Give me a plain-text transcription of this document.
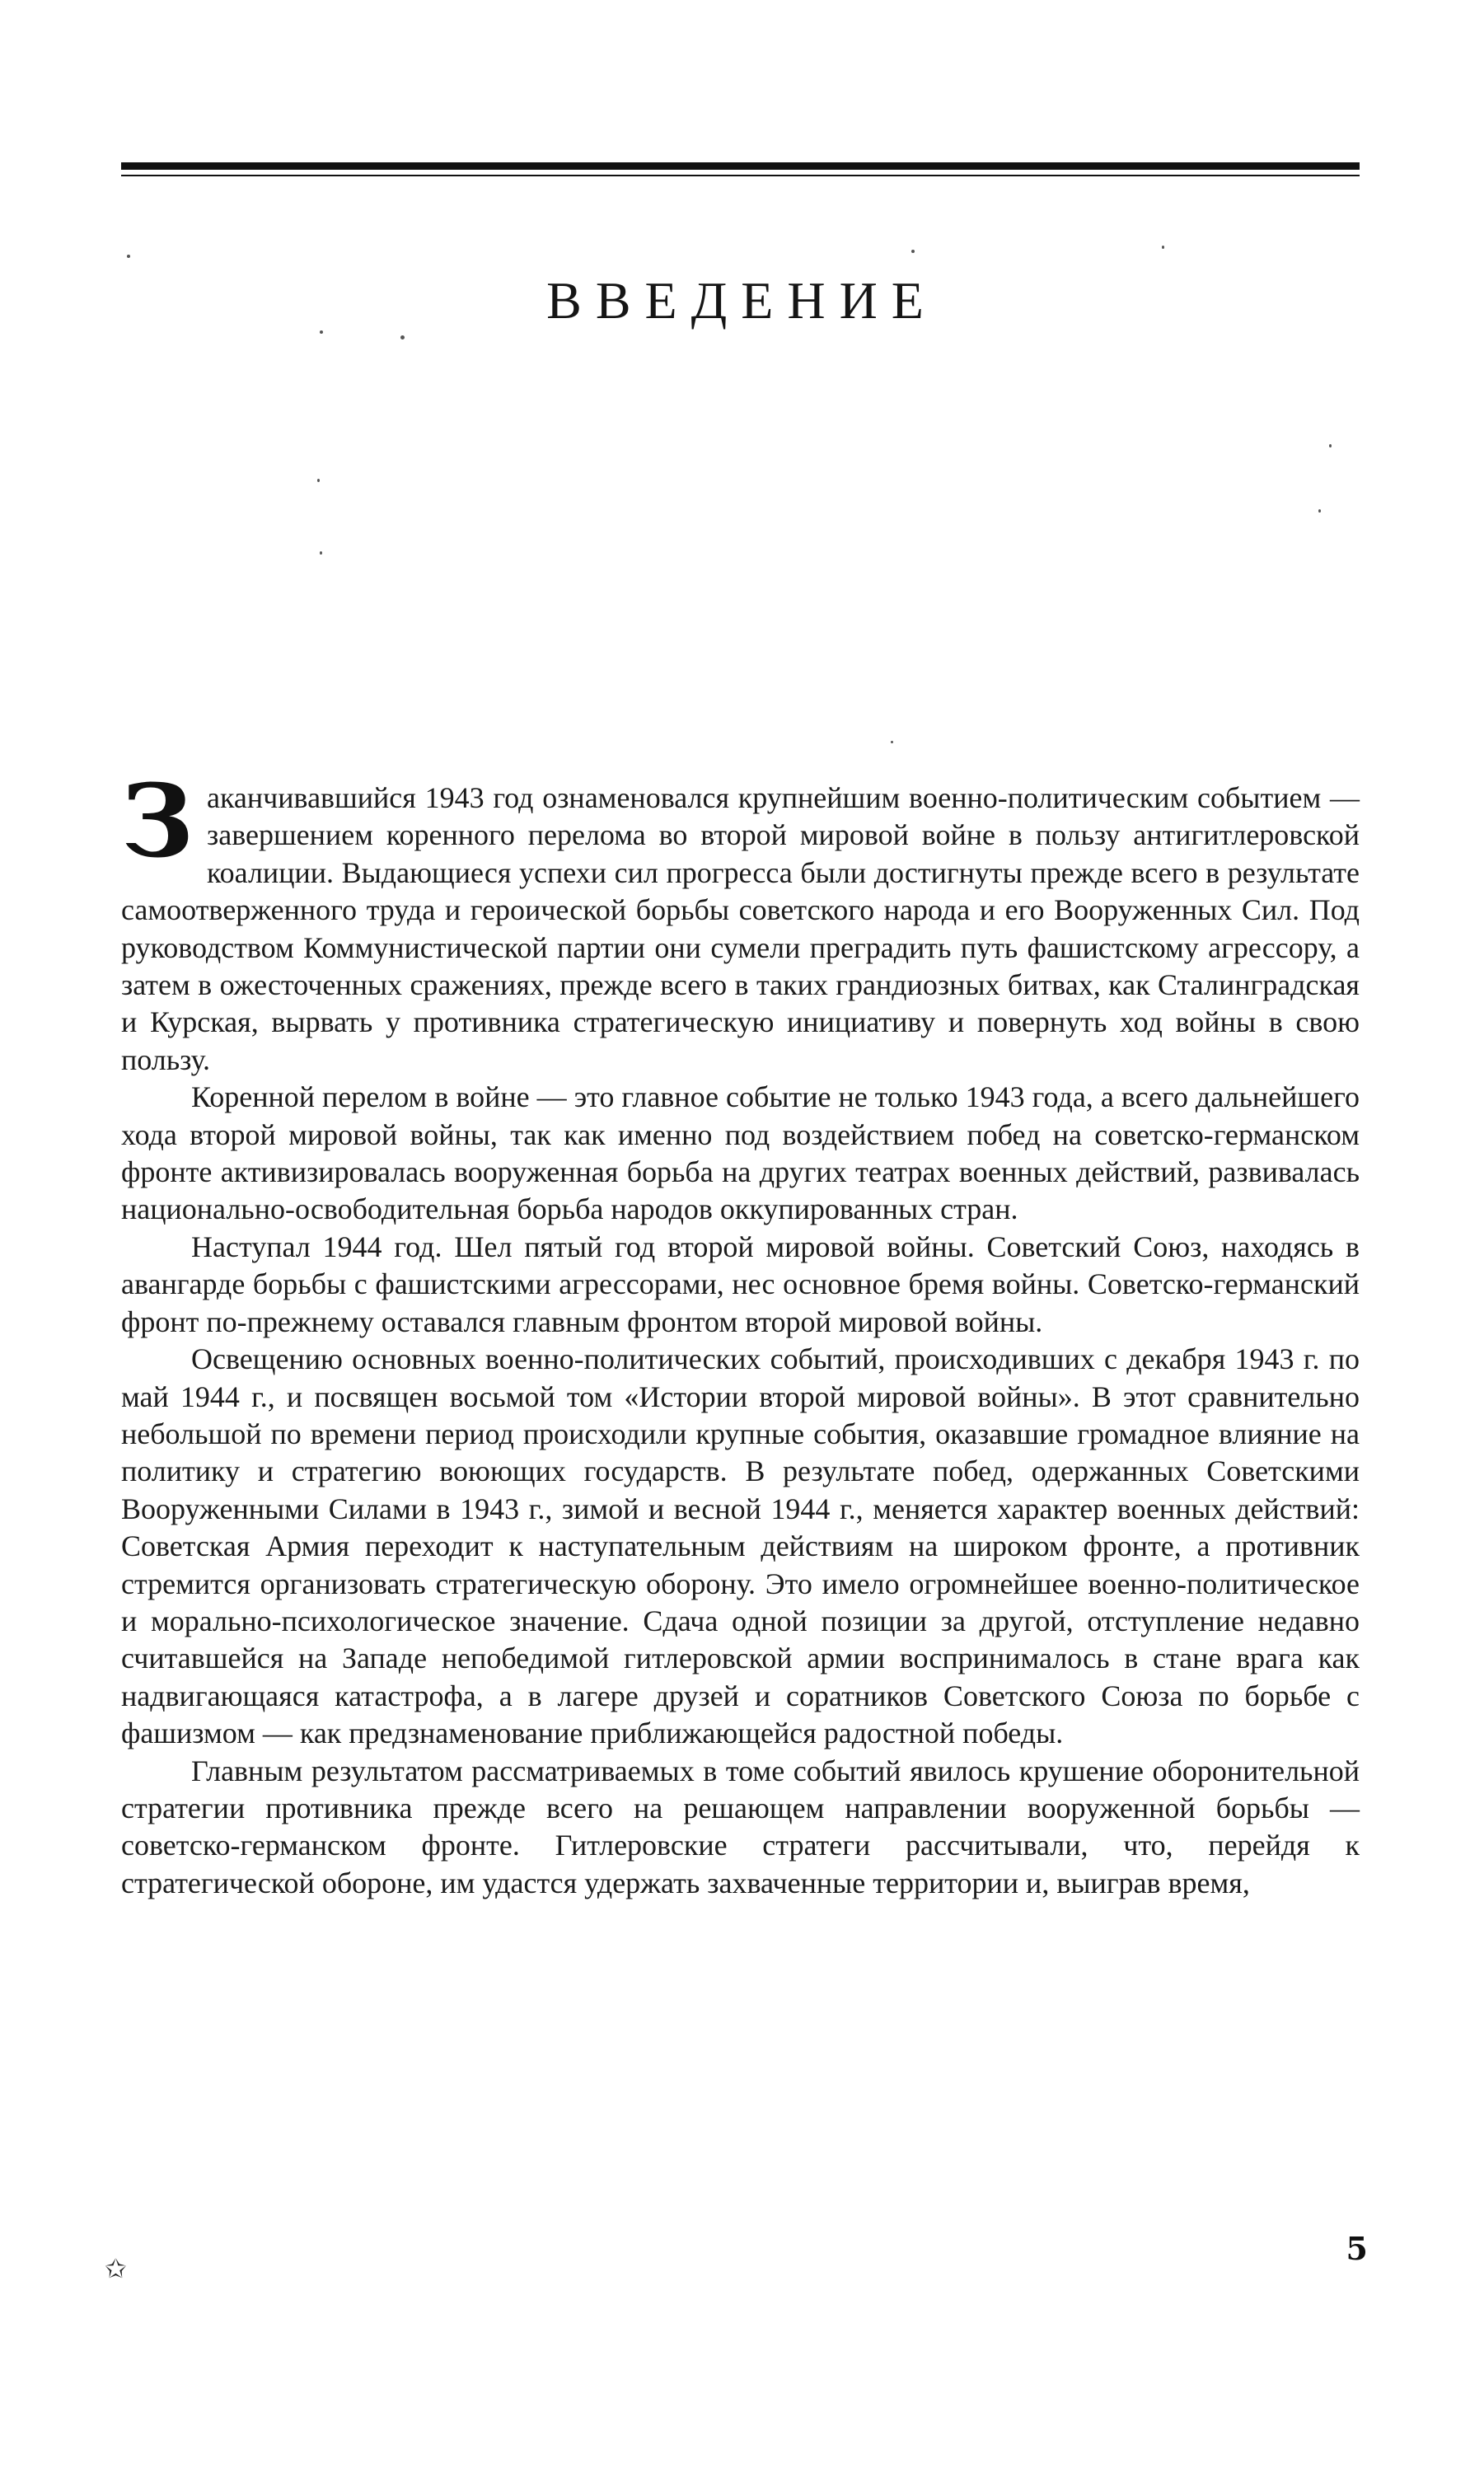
ВВЕДЕНИЕ

Заканчивавшийся 1943 год ознаменовался крупнейшим военно-политическим событием — завершением коренного перелома во второй мировой войне в пользу антигитлеровской коалиции. Выдающиеся успехи сил прогресса были достигнуты прежде всего в результате самоотверженного труда и героической борьбы советского народа и его Вооруженных Сил. Под руководством Коммунистической партии они сумели преградить путь фашистскому агрессору, а затем в ожесточенных сражениях, прежде всего в таких грандиозных битвах, как Сталинградская и Курская, вырвать у противника стратегическую инициативу и повернуть ход войны в свою пользу.

Коренной перелом в войне — это главное событие не только 1943 года, а всего дальнейшего хода второй мировой войны, так как именно под воздействием побед на советско-германском фронте активизировалась вооруженная борьба на других театрах военных действий, развивалась национально-освободительная борьба народов оккупированных стран.

Наступал 1944 год. Шел пятый год второй мировой войны. Советский Союз, находясь в авангарде борьбы с фашистскими агрессорами, нес основное бремя войны. Советско-германский фронт по-прежнему оставался главным фронтом второй мировой войны.

Освещению основных военно-политических событий, происходивших с декабря 1943 г. по май 1944 г., и посвящен восьмой том «Истории второй мировой войны». В этот сравнительно небольшой по времени период происходили крупные события, оказавшие громадное влияние на политику и стратегию воюющих государств. В результате побед, одержанных Советскими Вооруженными Силами в 1943 г., зимой и весной 1944 г., меняется характер военных действий: Советская Армия переходит к наступательным действиям на широком фронте, а противник стремится организовать стратегическую оборону. Это имело огромнейшее военно-политическое и морально-психологическое значение. Сдача одной позиции за другой, отступление недавно считавшейся на Западе непобедимой гитлеровской армии воспринималось в стане врага как надвигающаяся катастрофа, а в лагере друзей и соратников Советского Союза по борьбе с фашизмом — как предзнаменование приближающейся радостной победы.

Главным результатом рассматриваемых в томе событий явилось крушение оборонительной стратегии противника прежде всего на решающем направлении вооруженной борьбы — советско-германском фронте. Гитлеровские стратеги рассчитывали, что, перейдя к стратегической обороне, им удастся удержать захваченные территории и, выиграв время,

✩
5
